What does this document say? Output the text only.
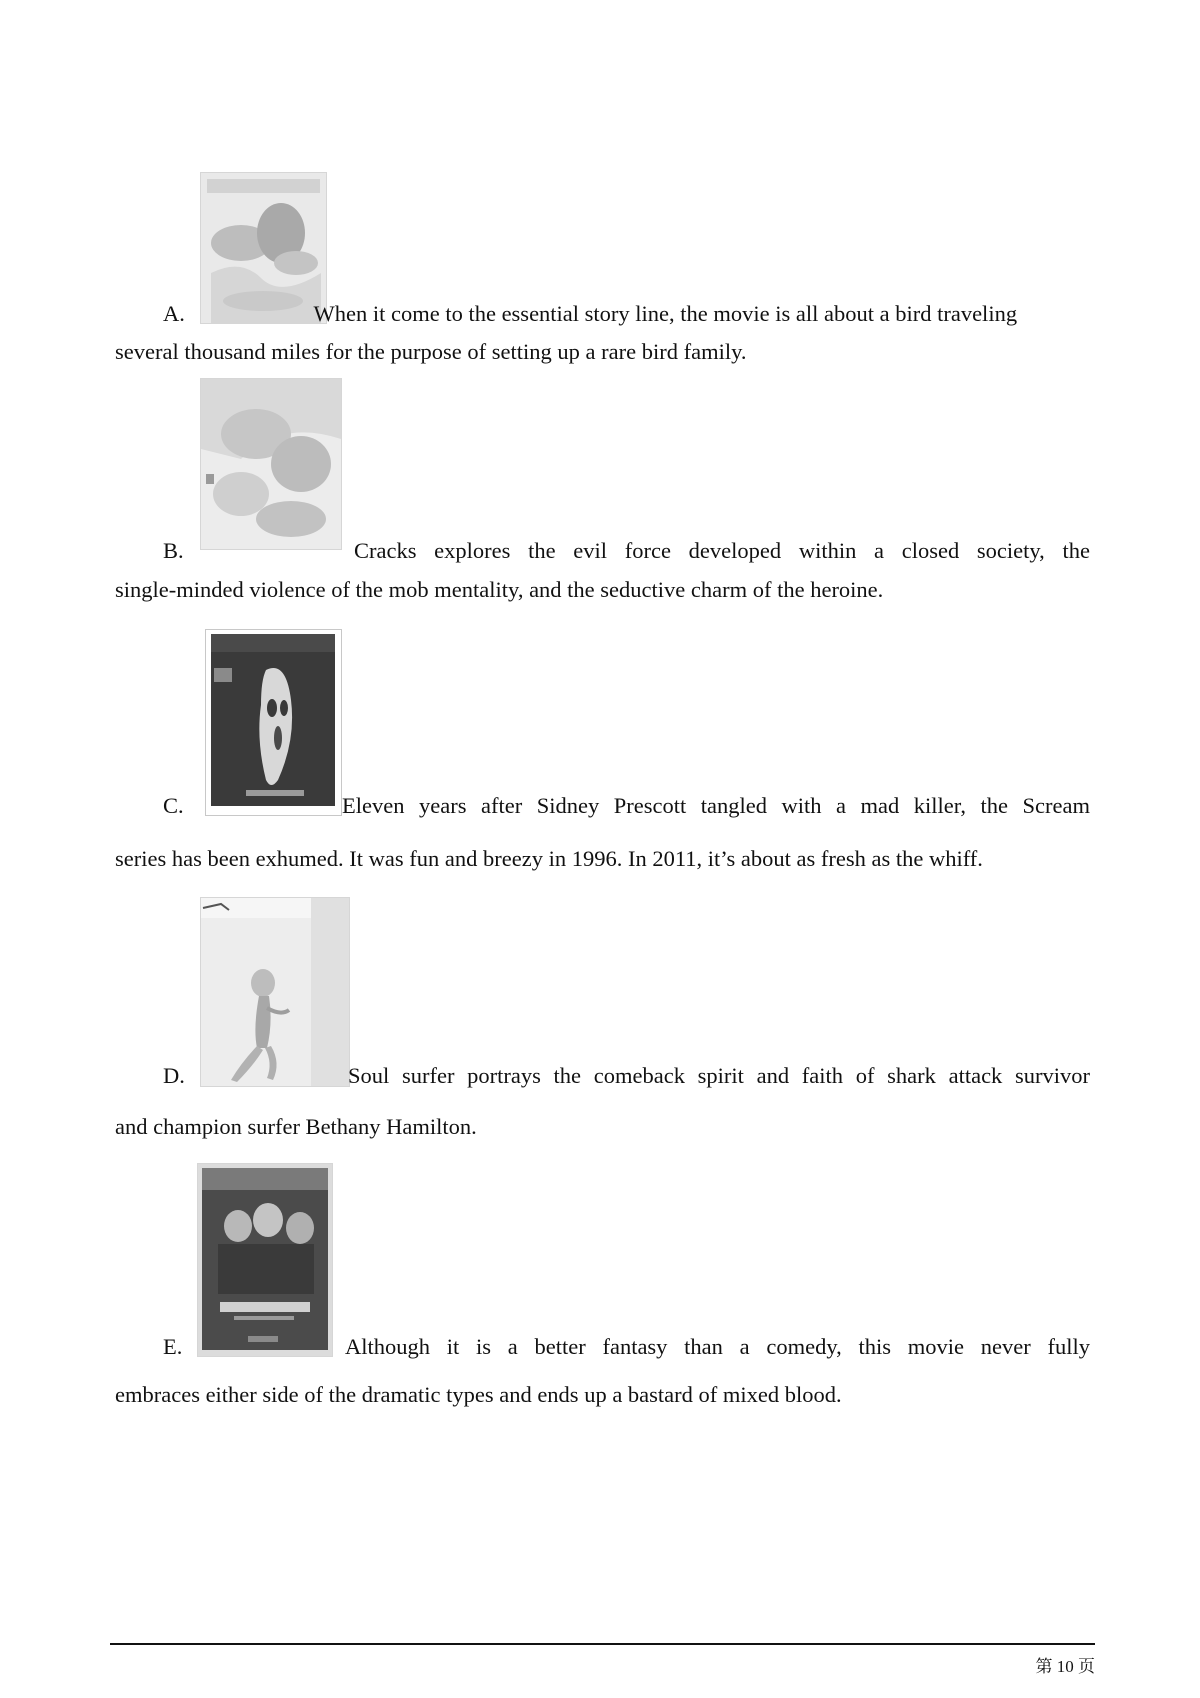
A.	When it come to the essential story line, the movie is all about a bird traveling
several thousand miles for the purpose of setting up a rare bird family.
B.	Cracks explores the evil force developed within a closed society, the
single-minded violence of the mob mentality, and the seductive charm of the heroine.
C.	Eleven years after Sidney Prescott tangled with a mad killer, the Scream
series has been exhumed. It was fun and breezy in 1996. In 2011, it’s about as fresh as the whiff.
D.	Soul surfer portrays the comeback spirit and faith of shark attack survivor
and champion surfer Bethany Hamilton.
E.	Although it is a better fantasy than a comedy, this movie never fully
embraces either side of the dramatic types and ends up a bastard of mixed blood.
第 10 页
